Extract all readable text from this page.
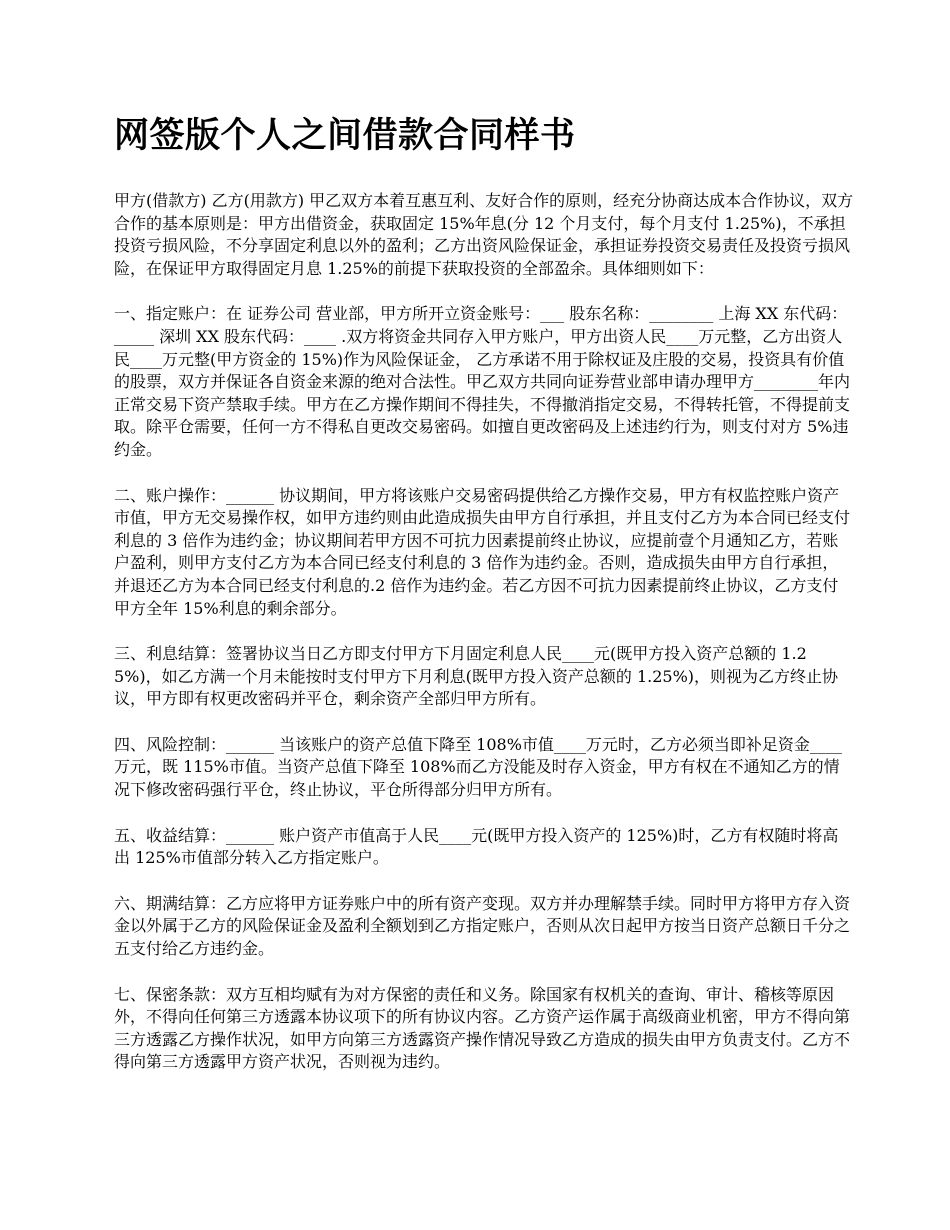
网签版个人之间借款合同样书

甲方(借款方) 乙方(用款方) 甲乙双方本着互惠互利、友好合作的原则，经充分协商达成本合作协议，双方合作的基本原则是：甲方出借资金，获取固定 15%年息(分 12 个月支付，每个月支付 1.25%)，不承担投资亏损风险，不分享固定利息以外的盈利；乙方出资风险保证金，承担证券投资交易责任及投资亏损风险，在保证甲方取得固定月息 1.25%的前提下获取投资的全部盈余。具体细则如下：

一、指定账户：在 证券公司 营业部，甲方所开立资金账号：___ 股东名称：________ 上海 XX 东代码：_____ 深圳 XX 股东代码：____ .双方将资金共同存入甲方账户，甲方出资人民____万元整，乙方出资人民____万元整(甲方资金的 15%)作为风险保证金， 乙方承诺不用于除权证及庄股的交易，投资具有价值的股票，双方并保证各自资金来源的绝对合法性。甲乙双方共同向证券营业部申请办理甲方________年内正常交易下资产禁取手续。甲方在乙方操作期间不得挂失，不得撤消指定交易，不得转托管，不得提前支取。除平仓需要，任何一方不得私自更改交易密码。如擅自更改密码及上述违约行为，则支付对方 5%违约金。

二、账户操作：______ 协议期间，甲方将该账户交易密码提供给乙方操作交易，甲方有权监控账户资产市值，甲方无交易操作权，如甲方违约则由此造成损失由甲方自行承担，并且支付乙方为本合同已经支付利息的 3 倍作为违约金；协议期间若甲方因不可抗力因素提前终止协议，应提前壹个月通知乙方，若账户盈利，则甲方支付乙方为本合同已经支付利息的 3 倍作为违约金。否则，造成损失由甲方自行承担，并退还乙方为本合同已经支付利息的.2 倍作为违约金。若乙方因不可抗力因素提前终止协议，乙方支付甲方全年 15%利息的剩余部分。

三、利息结算：签署协议当日乙方即支付甲方下月固定利息人民____元(既甲方投入资产总额的 1.25%)，如乙方满一个月未能按时支付甲方下月利息(既甲方投入资产总额的 1.25%)，则视为乙方终止协议，甲方即有权更改密码并平仓，剩余资产全部归甲方所有。

四、风险控制：______ 当该账户的资产总值下降至 108%市值____万元时，乙方必须当即补足资金____万元，既 115%市值。当资产总值下降至 108%而乙方没能及时存入资金，甲方有权在不通知乙方的情况下修改密码强行平仓，终止协议，平仓所得部分归甲方所有。

五、收益结算：______ 账户资产市值高于人民____元(既甲方投入资产的 125%)时，乙方有权随时将高出 125%市值部分转入乙方指定账户。

六、期满结算：乙方应将甲方证券账户中的所有资产变现。双方并办理解禁手续。同时甲方将甲方存入资金以外属于乙方的风险保证金及盈利全额划到乙方指定账户，否则从次日起甲方按当日资产总额日千分之五支付给乙方违约金。

七、保密条款：双方互相均赋有为对方保密的责任和义务。除国家有权机关的查询、审计、稽核等原因外，不得向任何第三方透露本协议项下的所有协议内容。乙方资产运作属于高级商业机密，甲方不得向第三方透露乙方操作状况，如甲方向第三方透露资产操作情况导致乙方造成的损失由甲方负责支付。乙方不得向第三方透露甲方资产状况，否则视为违约。
